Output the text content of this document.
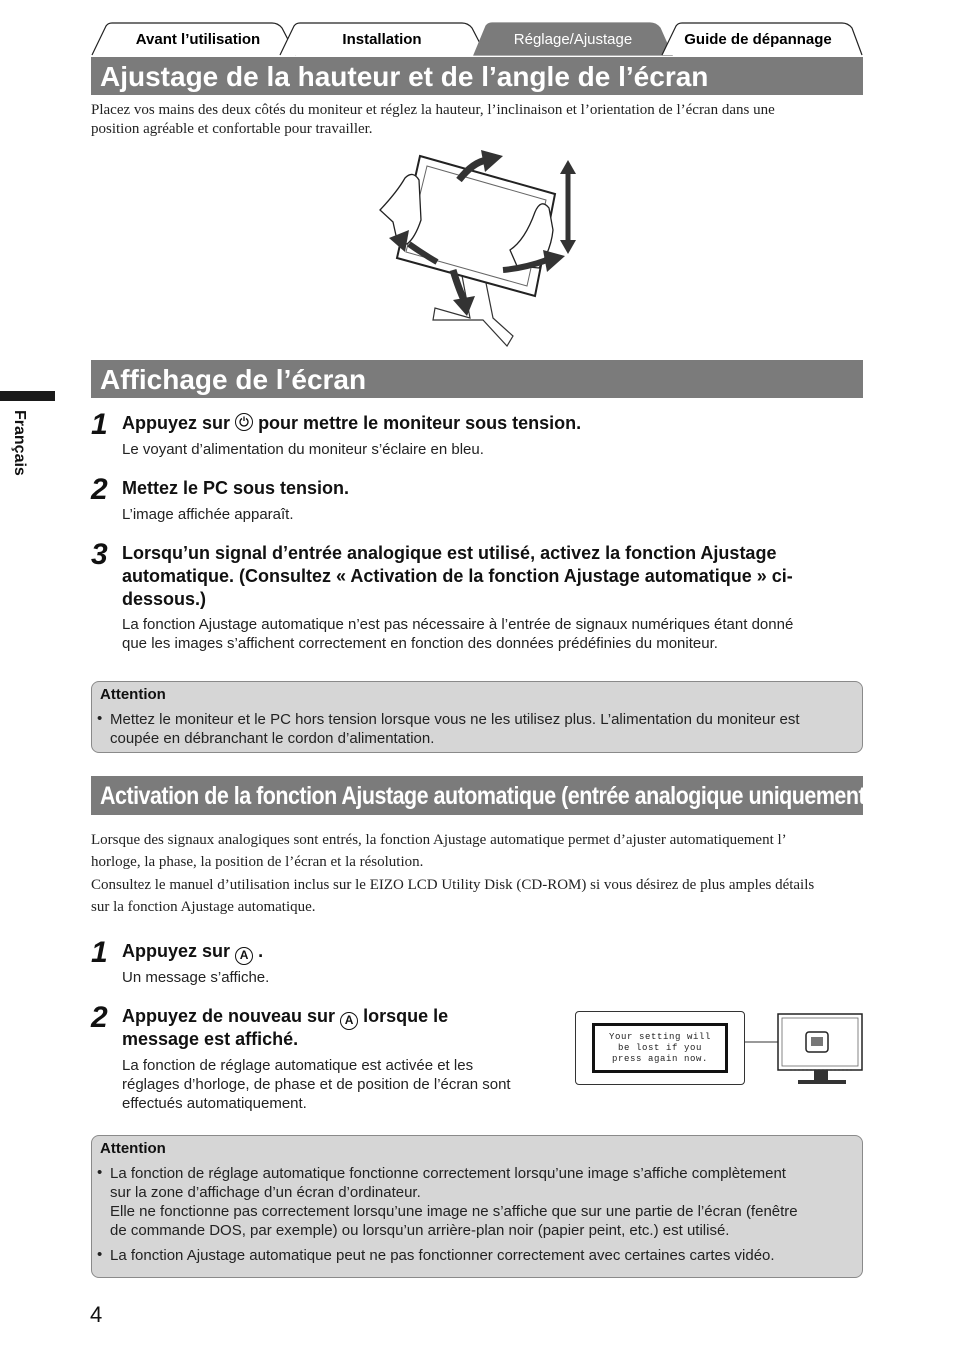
Avant l’utilisation	Installation	Réglage/Ajustage	Guide de dépannage
Ajustage de la hauteur et de l’angle de l’écran
Placez vos mains des deux côtés du moniteur et réglez la hauteur, l’inclinaison et l’orientation de l’écran dans une
position agréable et confortable pour travailler.
Affichage de l’écran
Français 1 Appuyez sur pour mettre le moniteur sous tension.
Le voyant d’alimentation du moniteur s’éclaire en bleu.
2 Mettez le PC sous tension.
L’image affichée apparaît.
3 Lorsqu’un signal d’entrée analogique est utilisé, activez la fonction Ajustage
automatique. (Consultez « Activation de la fonction Ajustage automatique » ci-
dessous.)
La fonction Ajustage automatique n’est pas nécessaire à l’entrée de signaux numériques étant donné
que les images s’affichent correctement en fonction des données prédéfinies du moniteur.
Attention
• Mettez le moniteur et le PC hors tension lorsque vous ne les utilisez plus. L’alimentation du moniteur est
coupée en débranchant le cordon d’alimentation.
Activation de la fonction Ajustage automatique (entrée analogique uniquement)
Lorsque des signaux analogiques sont entrés, la fonction Ajustage automatique permet d’ajuster automatiquement l’
horloge, la phase, la position de l’écran et la résolution.
Consultez le manuel d’utilisation inclus sur le EIZO LCD Utility Disk (CD-ROM) si vous désirez de plus amples détails
sur la fonction Ajustage automatique.
1 Appuyez sur A .
Un message s’affiche.
2 Appuyez de nouveau sur A lorsque le
message est affiché.
La fonction de réglage automatique est activée et les
réglages d’horloge, de phase et de position de l’écran sont
effectués automatiquement.
Your setting will
be lost if you
press again now.
Attention
• La fonction de réglage automatique fonctionne correctement lorsqu’une image s’affiche complètement
sur la zone d’affichage d’un écran d’ordinateur.
Elle ne fonctionne pas correctement lorsqu’une image ne s’affiche que sur une partie de l’écran (fenêtre
de commande DOS, par exemple) ou lorsqu’un arrière-plan noir (papier peint, etc.) est utilisé.
• La fonction Ajustage automatique peut ne pas fonctionner correctement avec certaines cartes vidéo.
4
